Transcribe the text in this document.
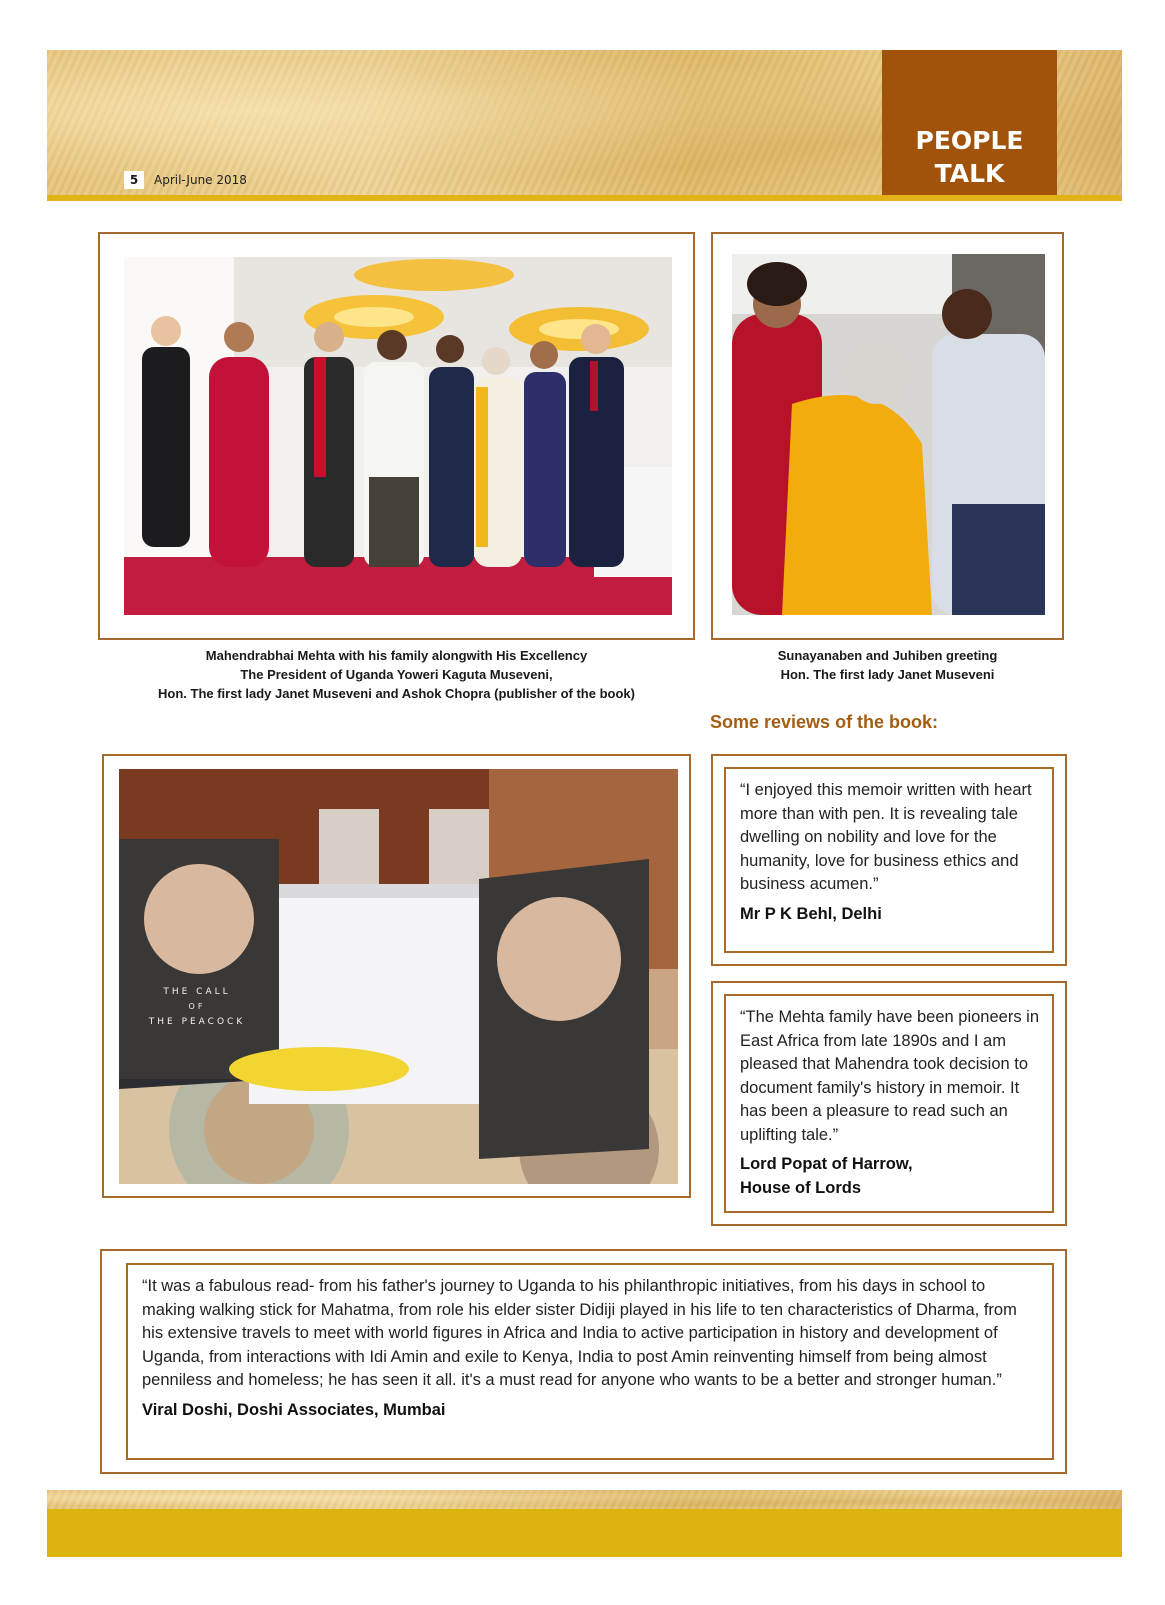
5	April-June 2018
PEOPLE
TALK
Mahendrabhai Mehta with his family alongwith His Excellency
The President of Uganda Yoweri Kaguta Museveni,
Hon. The first lady Janet Museveni and Ashok Chopra (publisher of the book)
Sunayanaben and Juhiben greeting
Hon. The first lady Janet Museveni
Some reviews of the book:
THE CALL
OF
THE PEACOCK
“I enjoyed this memoir written with heart more than with pen. It is revealing tale dwelling on nobility and love for the humanity, love for business ethics and business acumen.”
Mr P K Behl, Delhi
“The Mehta family have been pioneers in East Africa from late 1890s and I am pleased that Mahendra took decision to document family's history in memoir. It has been a pleasure to read such an uplifting tale.”
Lord Popat of Harrow,
House of Lords
“It was a fabulous read- from his father's journey to Uganda to his philanthropic initiatives, from his days in school to making walking stick for Mahatma, from role his elder sister Didiji played in his life to ten characteristics of Dharma, from his extensive travels to meet with world figures in Africa and India to active participation in history and development of Uganda, from interactions with Idi Amin and exile to Kenya, India to post Amin reinventing himself from being almost penniless and homeless; he has seen it all. it's a must read for anyone who wants to be a better and stronger human.”
Viral Doshi, Doshi Associates, Mumbai
